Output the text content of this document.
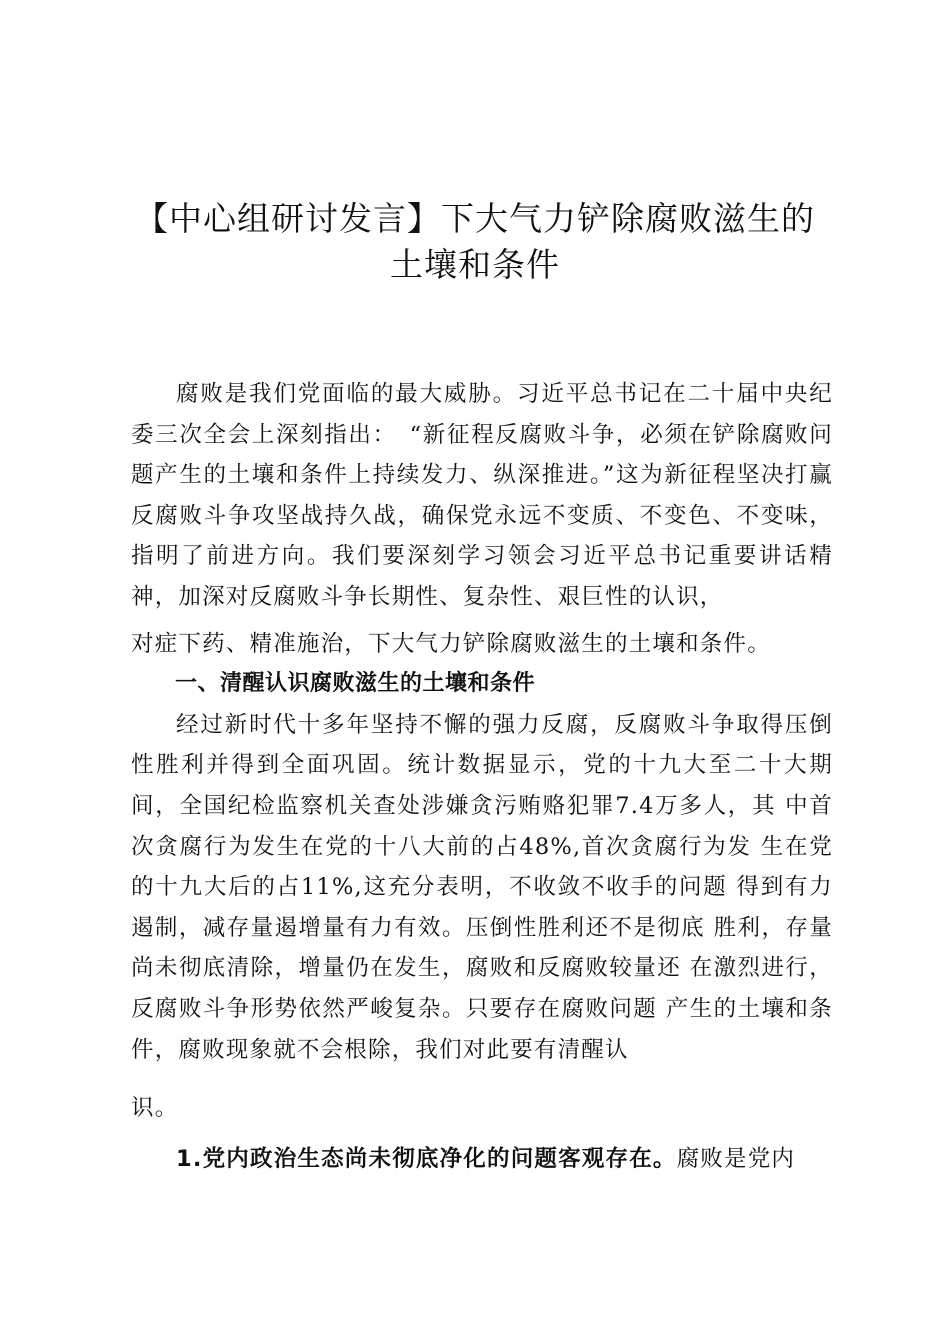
【中心组研讨发言】下大气力铲除腐败滋生的
土壤和条件

腐败是我们党面临的最大威胁。习近平总书记在二十届中央纪委三次全会上深刻指出：　“新征程反腐败斗争，必须在铲除腐败问题产生的土壤和条件上持续发力、纵深推进。”这为新征程坚决打赢反腐败斗争攻坚战持久战，确保党永远不变质、不变色、不变味，指明了前进方向。我们要深刻学习领会习近平总书记重要讲话精神，加深对反腐败斗争长期性、复杂性、艰巨性的认识，

对症下药、精准施治，下大气力铲除腐败滋生的土壤和条件。

一、清醒认识腐败滋生的土壤和条件

经过新时代十多年坚持不懈的强力反腐，反腐败斗争取得压倒性胜利并得到全面巩固。统计数据显示，党的十九大至二十大期间，全国纪检监察机关查处涉嫌贪污贿赂犯罪7.4万多人，其 中首次贪腐行为发生在党的十八大前的占48%,首次贪腐行为发 生在党的十九大后的占11%,这充分表明，不收敛不收手的问题 得到有力遏制，减存量遏增量有力有效。压倒性胜利还不是彻底 胜利，存量尚未彻底清除，增量仍在发生，腐败和反腐败较量还 在激烈进行，反腐败斗争形势依然严峻复杂。只要存在腐败问题 产生的土壤和条件，腐败现象就不会根除，我们对此要有清醒认

识。

1.党内政治生态尚未彻底净化的问题客观存在。腐败是党内
